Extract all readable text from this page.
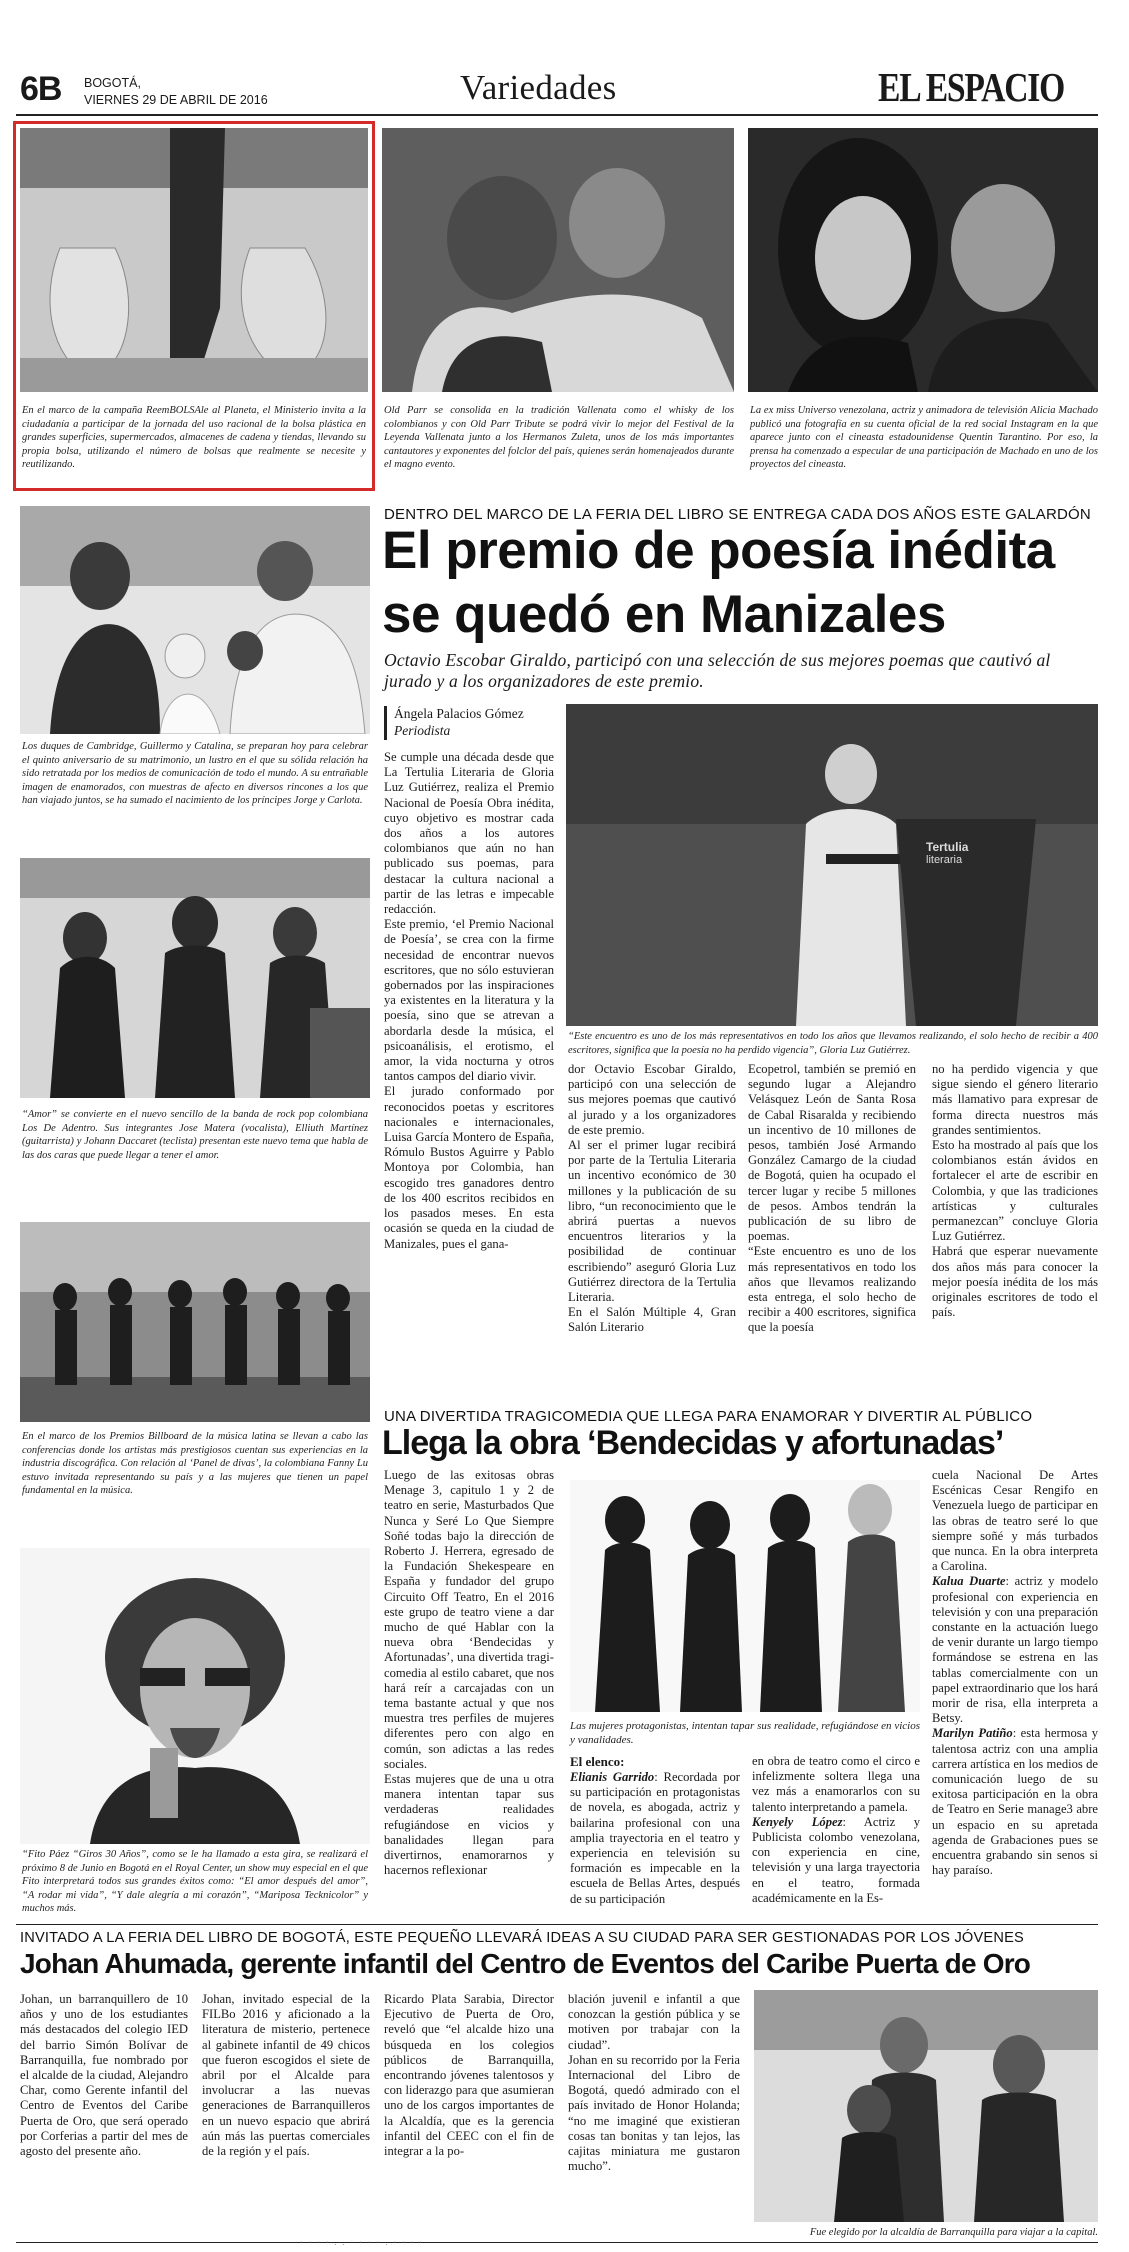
6B BOGOTÁ,
VIERNES 29 DE ABRIL DE 2016	Variedades	EL ESPACIO
En el marco de la campaña ReemBOLSAle al Planeta, el Ministerio invita a la ciudadanía a participar de la jornada del uso racional de la bolsa plástica en grandes superficies, supermercados, almacenes de cadena y tiendas, llevando su propia bolsa, utilizando el número de bolsas que realmente se necesite y reutilizando.
Old Parr se consolida en la tradición Vallenata como el whisky de los colombianos y con Old Parr Tribute se podrá vivir lo mejor del Festival de la Leyenda Vallenata junto a los Hermanos Zuleta, unos de los más importantes cantautores y exponentes del folclor del país, quienes serán homenajeados durante el magno evento.
La ex miss Universo venezolana, actriz y animadora de televisión Alicia Machado publicó una fotografía en su cuenta oficial de la red social Instagram en la que aparece junto con el cineasta estadounidense Quentin Tarantino. Por eso, la prensa ha comenzado a especular de una participación de Machado en uno de los proyectos del cineasta.
Los duques de Cambridge, Guillermo y Catalina, se preparan hoy para celebrar el quinto aniversario de su matrimonio, un lustro en el que su sólida relación ha sido retratada por los medios de comunicación de todo el mundo. A su entrañable imagen de enamorados, con muestras de afecto en diversos rincones a los que han viajado juntos, se ha sumado el nacimiento de los príncipes Jorge y Carlota.
“Amor” se convierte en el nuevo sencillo de la banda de rock pop colombiana Los De Adentro. Sus integrantes Jose Matera (vocalista), Elliuth Martínez (guitarrista) y Johann Daccaret (teclista) presentan este nuevo tema que habla de las dos caras que puede llegar a tener el amor.
En el marco de los Premios Billboard de la música latina se llevan a cabo las conferencias donde los artistas más prestigiosos cuentan sus experiencias en la industria discográfica. Con relación al ‘Panel de divas’, la colombiana Fanny Lu estuvo invitada representando su país y a las mujeres que tienen un papel fundamental en la música.
“Fito Páez “Giros 30 Años”, como se le ha llamado a esta gira, se realizará el próximo 8 de Junio en Bogotá en el Royal Center, un show muy especial en el que Fito interpretará todos sus grandes éxitos como: “El amor después del amor”, “A rodar mi vida”, “Y dale alegría a mi corazón”, “Mariposa Tecknicolor” y muchos más.
DENTRO DEL MARCO DE LA FERIA DEL LIBRO SE ENTREGA CADA DOS AÑOS ESTE GALARDÓN
El premio de poesía inédita
se quedó en Manizales
Octavio Escobar Giraldo, participó con una selección de sus mejores poemas que cautivó al jurado y a los organizadores de este premio.
Ángela Palacios Gómez
Periodista
Tertulia
literaria
“Este encuentro es uno de los más representativos en todo los años que llevamos realizando, el solo hecho de recibir a 400 escritores, significa que la poesía no ha perdido vigencia”, Gloria Luz Gutiérrez.
Se cumple una década desde que La Tertulia Literaria de Gloria Luz Gutiérrez, realiza el Premio Nacional de Poesía Obra inédita, cuyo objetivo es mostrar cada dos años a los autores colombianos que aún no han publicado sus poemas, para destacar la cultura nacional a partir de las letras e impecable redacción.
Este premio, ‘el Premio Nacional de Poesía’, se crea con la firme necesidad de encontrar nuevos escritores, que no sólo estuvieran gobernados por las inspiraciones ya existentes en la literatura y la poesía, sino que se atrevan a abordarla desde la música, el psicoanálisis, el erotismo, el amor, la vida nocturna y otros tantos campos del diario vivir.
El jurado conformado por reconocidos poetas y escritores nacionales e internacionales, Luisa García Montero de España, Rómulo Bustos Aguirre y Pablo Montoya por Colombia, han escogido tres ganadores dentro de los 400 escritos recibidos en los pasados meses. En esta ocasión se queda en la ciudad de Manizales, pues el gana-
dor Octavio Escobar Giraldo, participó con una selección de sus mejores poemas que cautivó al jurado y a los organizadores de este premio.
Al ser el primer lugar recibirá por parte de la Tertulia Literaria un incentivo económico de 30 millones y la publicación de su libro, “un reconocimiento que le abrirá puertas a nuevos encuentros literarios y la posibilidad de continuar escribiendo” aseguró Gloria Luz Gutiérrez directora de la Tertulia Literaria.
En el Salón Múltiple 4, Gran Salón Literario
Ecopetrol, también se premió en segundo lugar a Alejandro Velásquez León de Santa Rosa de Cabal Risaralda y recibiendo un incentivo de 10 millones de pesos, también José Armando González Camargo de la ciudad de Bogotá, quien ha ocupado el tercer lugar y recibe 5 millones de pesos. Ambos tendrán la publicación de su libro de poemas.
“Este encuentro es uno de los más representativos en todo los años que llevamos realizando esta entrega, el solo hecho de recibir a 400 escritores, significa que la poesía
no ha perdido vigencia y que sigue siendo el género literario más llamativo para expresar de forma directa nuestros más grandes sentimientos.
Esto ha mostrado al país que los colombianos están ávidos en fortalecer el arte de escribir en Colombia, y que las tradiciones artísticas y culturales permanezcan” concluye Gloria Luz Gutiérrez.
Habrá que esperar nuevamente dos años más para conocer la mejor poesía inédita de los más originales escritores de todo el país.
UNA DIVERTIDA TRAGICOMEDIA QUE LLEGA PARA ENAMORAR Y DIVERTIR AL PÚBLICO
Llega la obra ‘Bendecidas y afortunadas’
Luego de las exitosas obras Menage 3, capitulo 1 y 2 de teatro en serie, Masturbados Que Nunca y Seré Lo Que Siempre Soñé todas bajo la dirección de Roberto J. Herrera, egresado de la Fundación Shekespeare en España y fundador del grupo Circuito Off Teatro, En el 2016 este grupo de teatro viene a dar mucho de qué Hablar con la nueva obra ‘Bendecidas y Afortunadas’, una divertida tragi-comedia al estilo cabaret, que nos hará reír a carcajadas con un tema bastante actual y que nos muestra tres perfiles de mujeres diferentes pero con algo en común, son adictas a las redes sociales.
Estas mujeres que de una u otra manera intentan tapar sus verdaderas realidades refugiándose en vicios y banalidades llegan para divertirnos, enamorarnos y hacernos reflexionar
Las mujeres protagonistas, intentan tapar sus realidade, refugiándose en vicios y vanalidades.
El elenco:
Elianis Garrido: Recordada por su participación en protagonistas de novela, es abogada, actriz y bailarina profesional con una amplia trayectoria en el teatro y experiencia en televisión su formación es impecable en la escuela de Bellas Artes, después de su participación
en obra de teatro como el circo e infelizmente soltera llega una vez más a enamorarlos con su talento interpretando a pamela.
Kenyely López: Actriz y Publicista colombo venezolana, con experiencia en cine, televisión y una larga trayectoria en el teatro, formada académicamente en la Es-
cuela Nacional De Artes Escénicas Cesar Rengifo en Venezuela luego de participar en las obras de teatro seré lo que siempre soñé y más turbados que nunca. En la obra interpreta a Carolina.
Kalua Duarte: actriz y modelo profesional con experiencia en televisión y con una preparación constante en la actuación luego de venir durante un largo tiempo formándose se estrena en las tablas comercialmente con un papel extraordinario que los hará morir de risa, ella interpreta a Betsy.
Marilyn Patiño: esta hermosa y talentosa actriz con una amplia carrera artística en los medios de comunicación luego de su exitosa participación en la obra de Teatro en Serie manage3 abre un espacio en su apretada agenda de Grabaciones pues se encuentra grabando sin senos si hay paraíso.
INVITADO A LA FERIA DEL LIBRO DE BOGOTÁ, ESTE PEQUEÑO LLEVARÁ IDEAS A SU CIUDAD PARA SER GESTIONADAS POR LOS JÓVENES
Johan Ahumada, gerente infantil del Centro de Eventos del Caribe Puerta de Oro
Johan, un barranquillero de 10 años y uno de los estudiantes más destacados del colegio IED del barrio Simón Bolívar de Barranquilla, fue nombrado por el alcalde de la ciudad, Alejandro Char, como Gerente infantil del Centro de Eventos del Caribe Puerta de Oro, que será operado por Corferias a partir del mes de agosto del presente año.
Johan, invitado especial de la FILBo 2016 y aficionado a la literatura de misterio, pertenece al gabinete infantil de 49 chicos que fueron escogidos el siete de abril por el Alcalde para involucrar a las nuevas generaciones de Barranquilleros en un nuevo espacio que abrirá aún más las puertas comerciales de la región y el país.
Ricardo Plata Sarabia, Director Ejecutivo de Puerta de Oro, reveló que “el alcalde hizo una búsqueda en los colegios públicos de Barranquilla, encontrando jóvenes talentosos y con liderazgo para que asumieran uno de los cargos importantes de la Alcaldía, que es la gerencia infantil del CEEC con el fin de integrar a la po-
blación juvenil e infantil a que conozcan la gestión pública y se motiven por trabajar con la ciudad”.
Johan en su recorrido por la Feria Internacional del Libro de Bogotá, quedó admirado con el país invitado de Honor Holanda; “no me imaginé que existieran cosas tan bonitas y tan lejos, las cajitas miniatura me gustaron mucho”.
Fue elegido por la alcaldía de Barranquilla para viajar a la capital.
· · · · . . · · · · . · · · ·
